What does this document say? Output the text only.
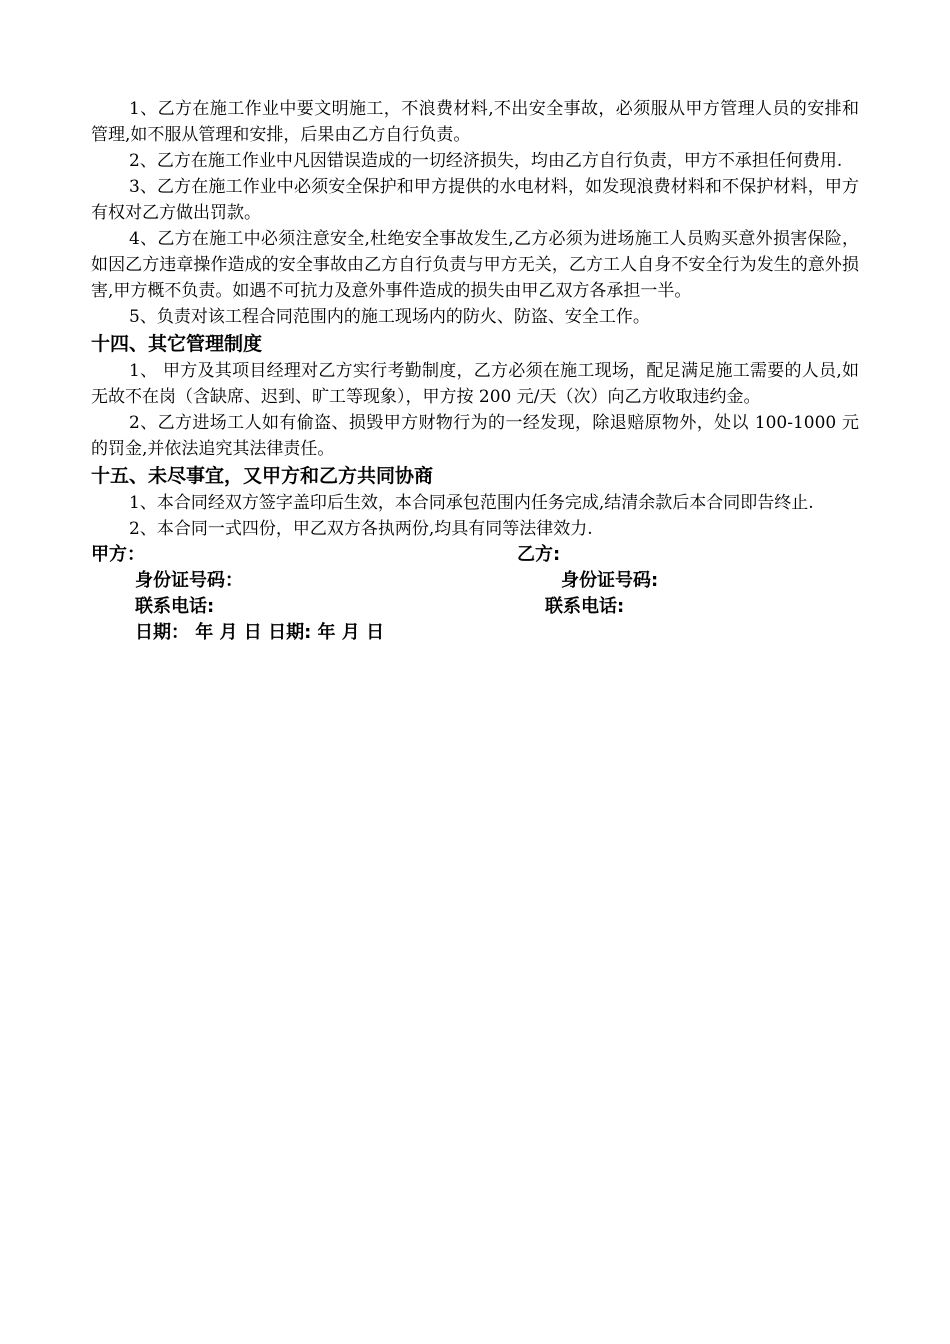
1、乙方在施工作业中要文明施工，不浪费材料,不出安全事故，必须服从甲方管理人员的安排和管理,如不服从管理和安排，后果由乙方自行负责。

2、乙方在施工作业中凡因错误造成的一切经济损失，均由乙方自行负责，甲方不承担任何费用.

3、乙方在施工作业中必须安全保护和甲方提供的水电材料，如发现浪费材料和不保护材料，甲方有权对乙方做出罚款。

4、乙方在施工中必须注意安全,杜绝安全事故发生,乙方必须为进场施工人员购买意外损害保险，如因乙方违章操作造成的安全事故由乙方自行负责与甲方无关，乙方工人自身不安全行为发生的意外损害,甲方概不负责。如遇不可抗力及意外事件造成的损失由甲乙双方各承担一半。

5、负责对该工程合同范围内的施工现场内的防火、防盗、安全工作。

十四、其它管理制度

1、 甲方及其项目经理对乙方实行考勤制度，乙方必须在施工现场，配足满足施工需要的人员,如无故不在岗（含缺席、迟到、旷工等现象），甲方按 200 元/天（次）向乙方收取违约金。

2、乙方进场工人如有偷盗、损毁甲方财物行为的一经发现，除退赔原物外，处以 100-1000 元的罚金,并依法追究其法律责任。

十五、未尽事宜，又甲方和乙方共同协商

1、本合同经双方签字盖印后生效，本合同承包范围内任务完成,结清余款后本合同即告终止.

2、本合同一式四份，甲乙双方各执两份,均具有同等法律效力.

甲方：	乙方:
身份证号码：	身份证号码:
联系电话:	联系电话:
日期： 年 月 日 日期: 年 月 日
